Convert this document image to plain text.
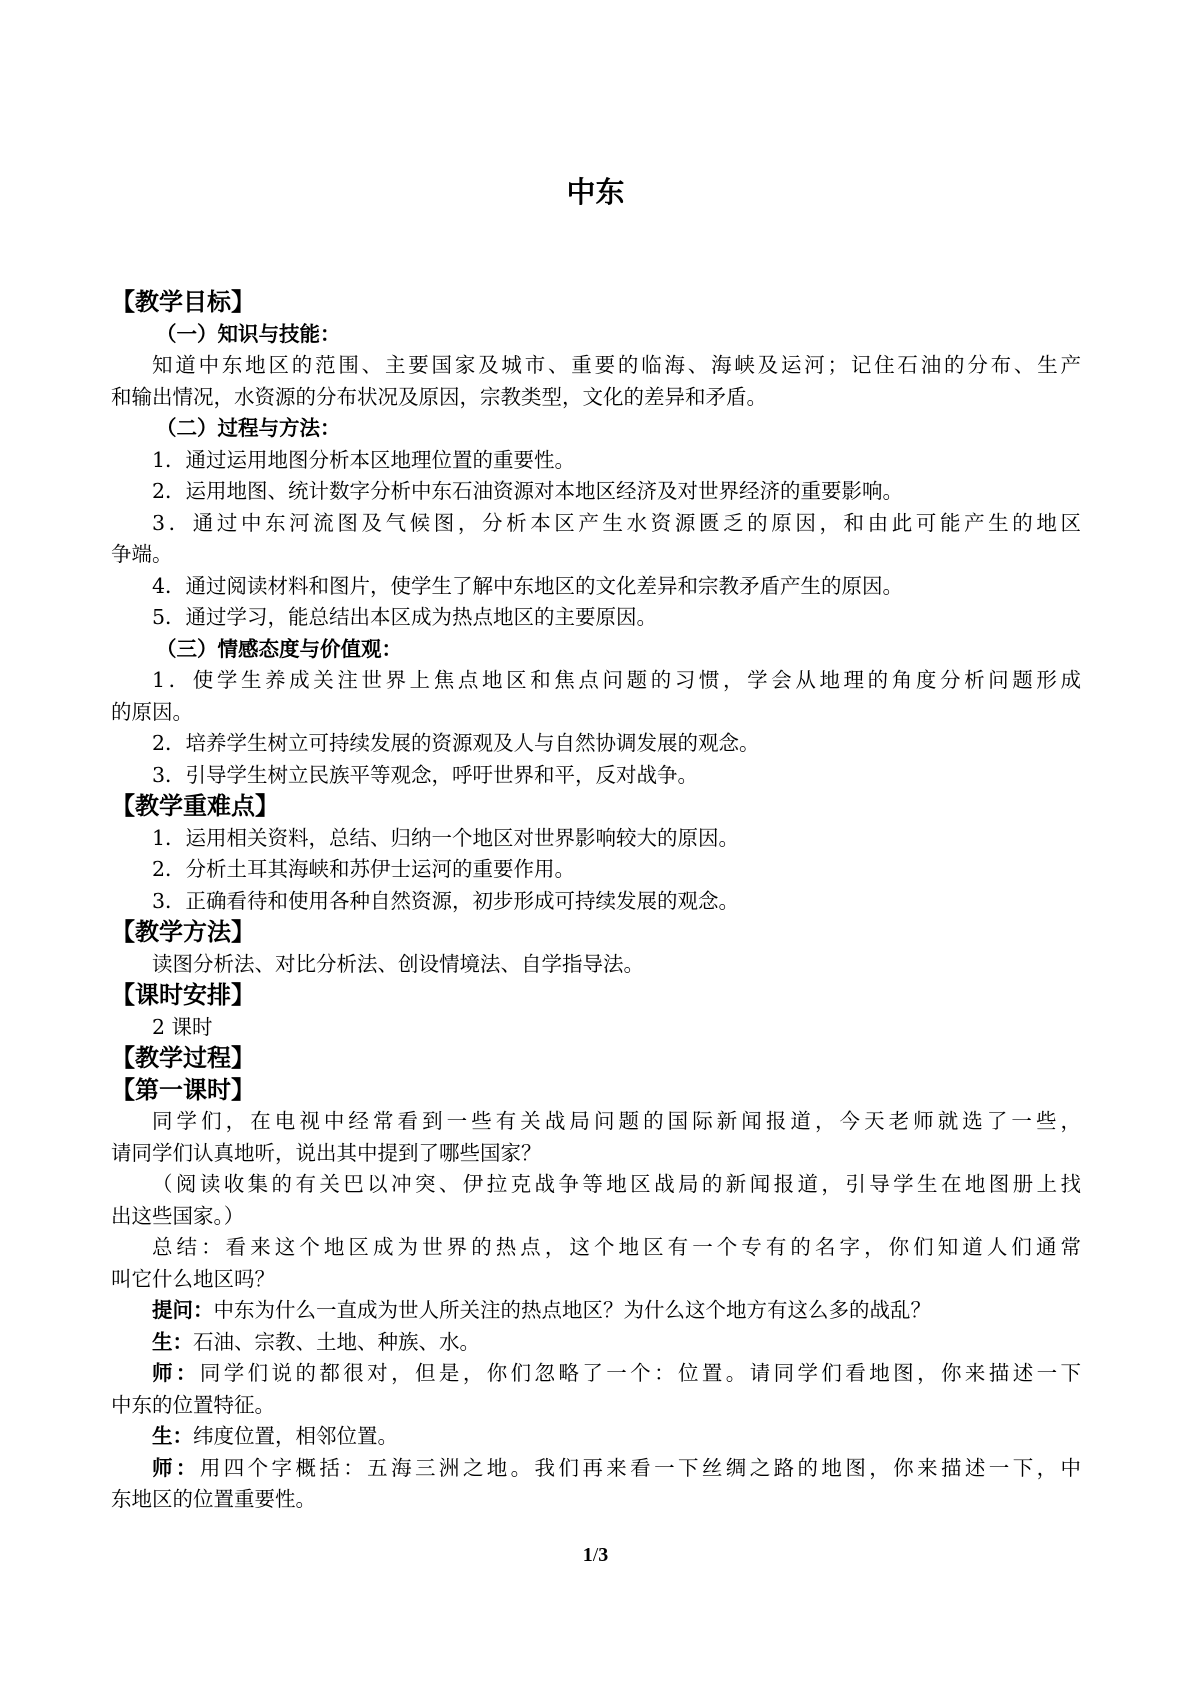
中东
【教学目标】
（一）知识与技能：
知道中东地区的范围、主要国家及城市、重要的临海、海峡及运河；记住石油的分布、生产
和输出情况，水资源的分布状况及原因，宗教类型，文化的差异和矛盾。
（二）过程与方法：
1．通过运用地图分析本区地理位置的重要性。
2．运用地图、统计数字分析中东石油资源对本地区经济及对世界经济的重要影响。
3．通过中东河流图及气候图，分析本区产生水资源匮乏的原因，和由此可能产生的地区
争端。
4．通过阅读材料和图片，使学生了解中东地区的文化差异和宗教矛盾产生的原因。
5．通过学习，能总结出本区成为热点地区的主要原因。
（三）情感态度与价值观：
1．使学生养成关注世界上焦点地区和焦点问题的习惯，学会从地理的角度分析问题形成
的原因。
2．培养学生树立可持续发展的资源观及人与自然协调发展的观念。
3．引导学生树立民族平等观念，呼吁世界和平，反对战争。
【教学重难点】
1．运用相关资料，总结、归纳一个地区对世界影响较大的原因。
2．分析土耳其海峡和苏伊士运河的重要作用。
3．正确看待和使用各种自然资源，初步形成可持续发展的观念。
【教学方法】
读图分析法、对比分析法、创设情境法、自学指导法。
【课时安排】
2 课时
【教学过程】
【第一课时】
同学们，在电视中经常看到一些有关战局问题的国际新闻报道，今天老师就选了一些，
请同学们认真地听，说出其中提到了哪些国家？
（阅读收集的有关巴以冲突、伊拉克战争等地区战局的新闻报道，引导学生在地图册上找
出这些国家。）
总结：看来这个地区成为世界的热点，这个地区有一个专有的名字，你们知道人们通常
叫它什么地区吗？
提问：中东为什么一直成为世人所关注的热点地区？为什么这个地方有这么多的战乱？
生：石油、宗教、土地、种族、水。
师：同学们说的都很对，但是，你们忽略了一个：位置。请同学们看地图，你来描述一下
中东的位置特征。
生：纬度位置，相邻位置。
师：用四个字概括：五海三洲之地。我们再来看一下丝绸之路的地图，你来描述一下，中
东地区的位置重要性。
1/3
